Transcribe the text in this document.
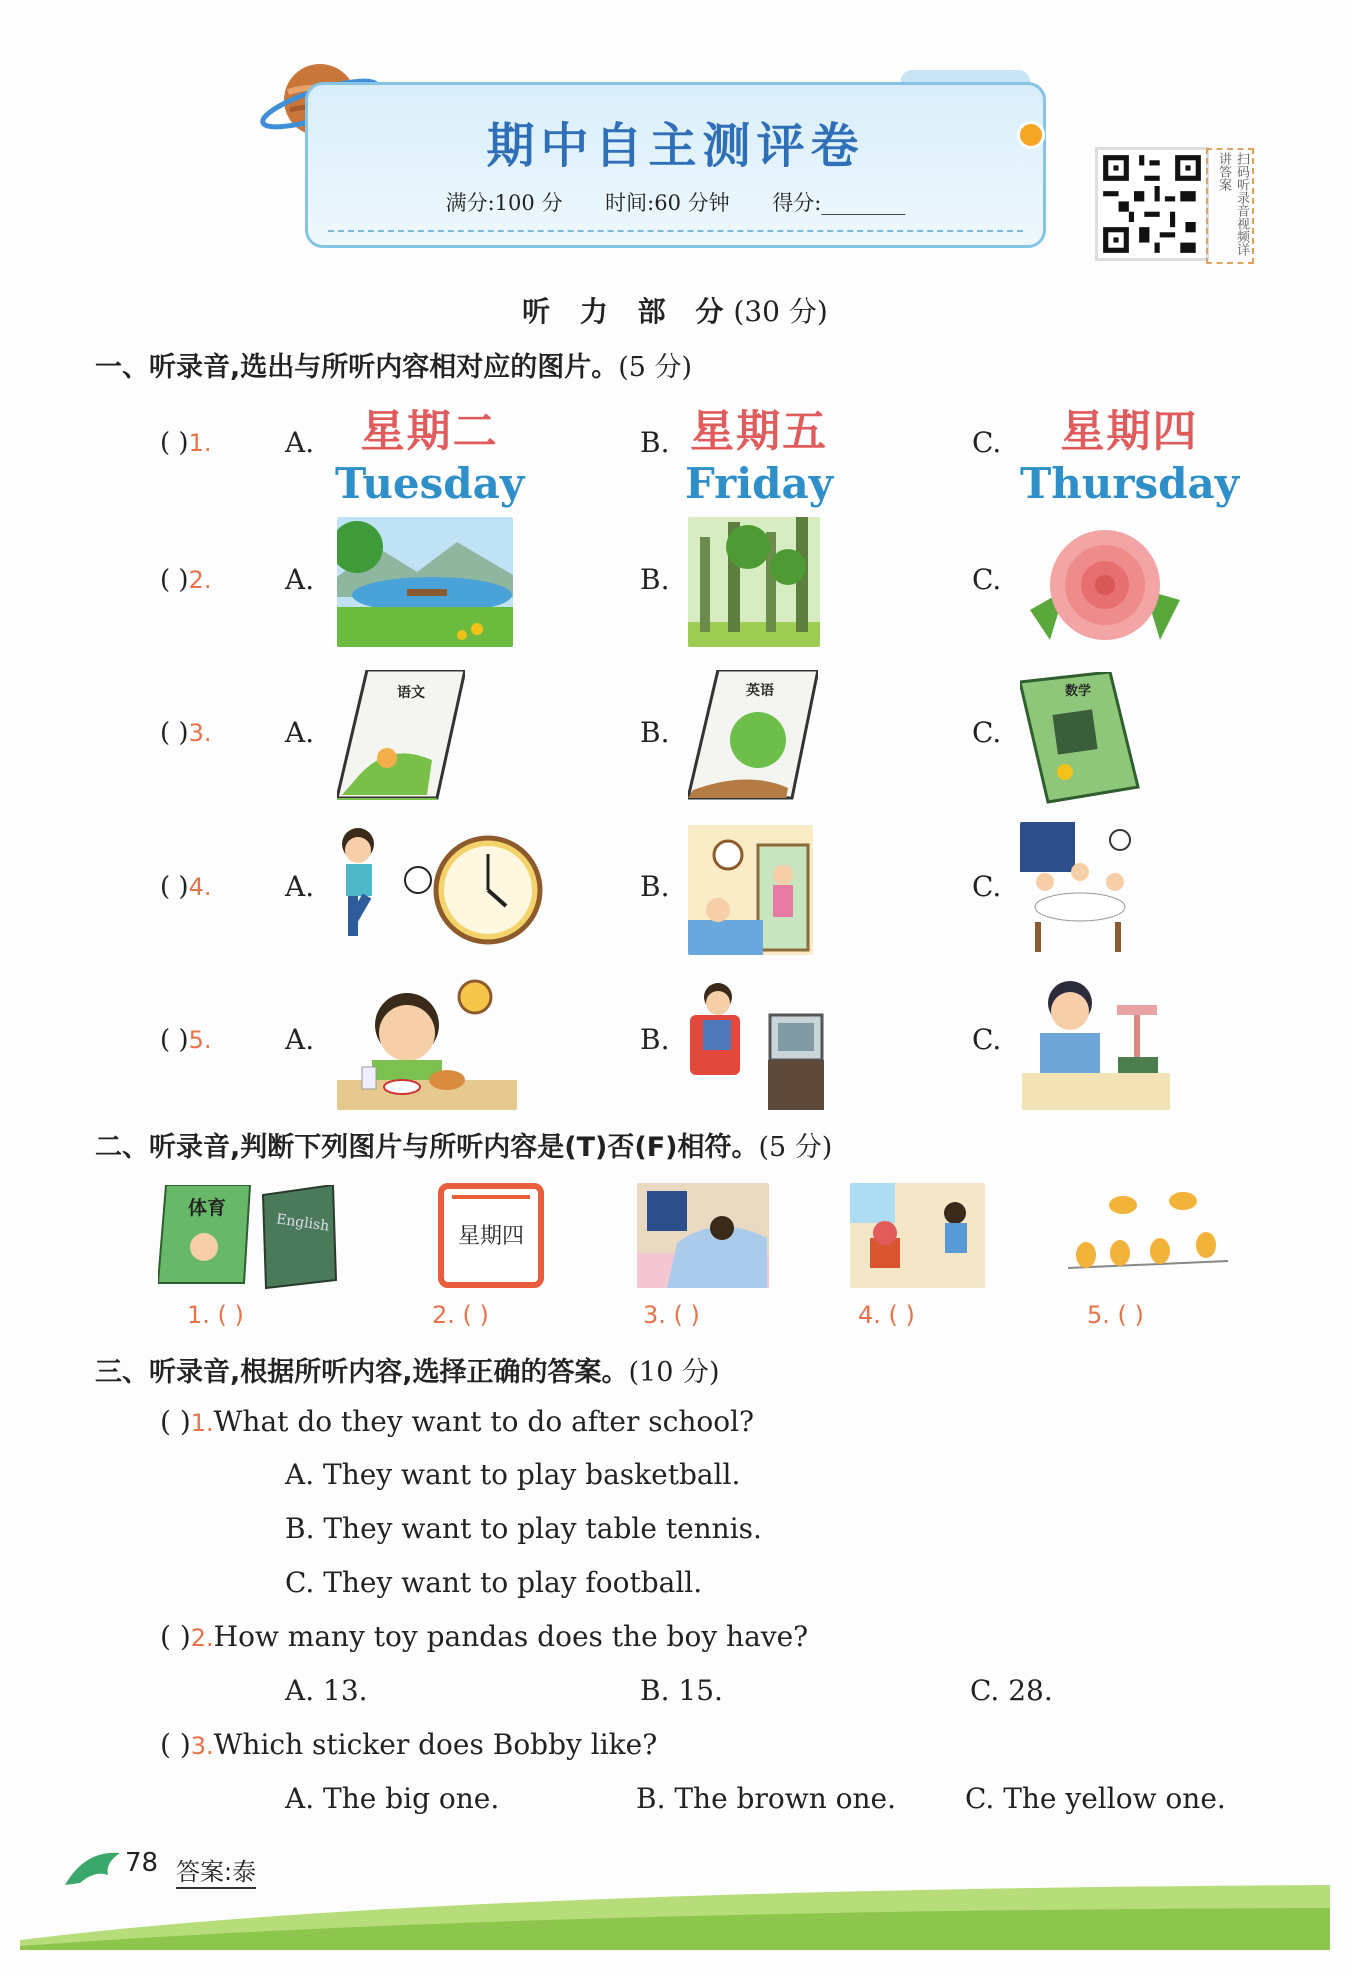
期中自主测评卷
满分:100 分 时间:60 分钟 得分:________	扫码听录音视频详讲答案
听 力 部 分(30 分)
一、听录音,选出与所听内容相对应的图片。(5 分)
( )1.	A.	星期二
Tuesday
B. 星期五
Friday
C.	星期四
Thursday
( )2.	A.	B.	C.
( )3.	A.
语文
B.
英语
C.
数学
( )4.	A.	B.	C.
( )5.	A.	B.	C.
二、听录音,判断下列图片与所听内容是(T)否(F)相符。(5 分)
体育
English
星期四
1. ( )	2. ( )	3. ( )	4. ( )	5. ( )
三、听录音,根据所听内容,选择正确的答案。(10 分)
( )1.What do they want to do after school?
A. They want to play basketball.
B. They want to play table tennis.
C. They want to play football.
( )2.How many toy pandas does the boy have?
A. 13.	B. 15.	C. 28.
( )3.Which sticker does Bobby like?
A. The big one.	B. The brown one. C. The yellow one.
78 答案:泰
